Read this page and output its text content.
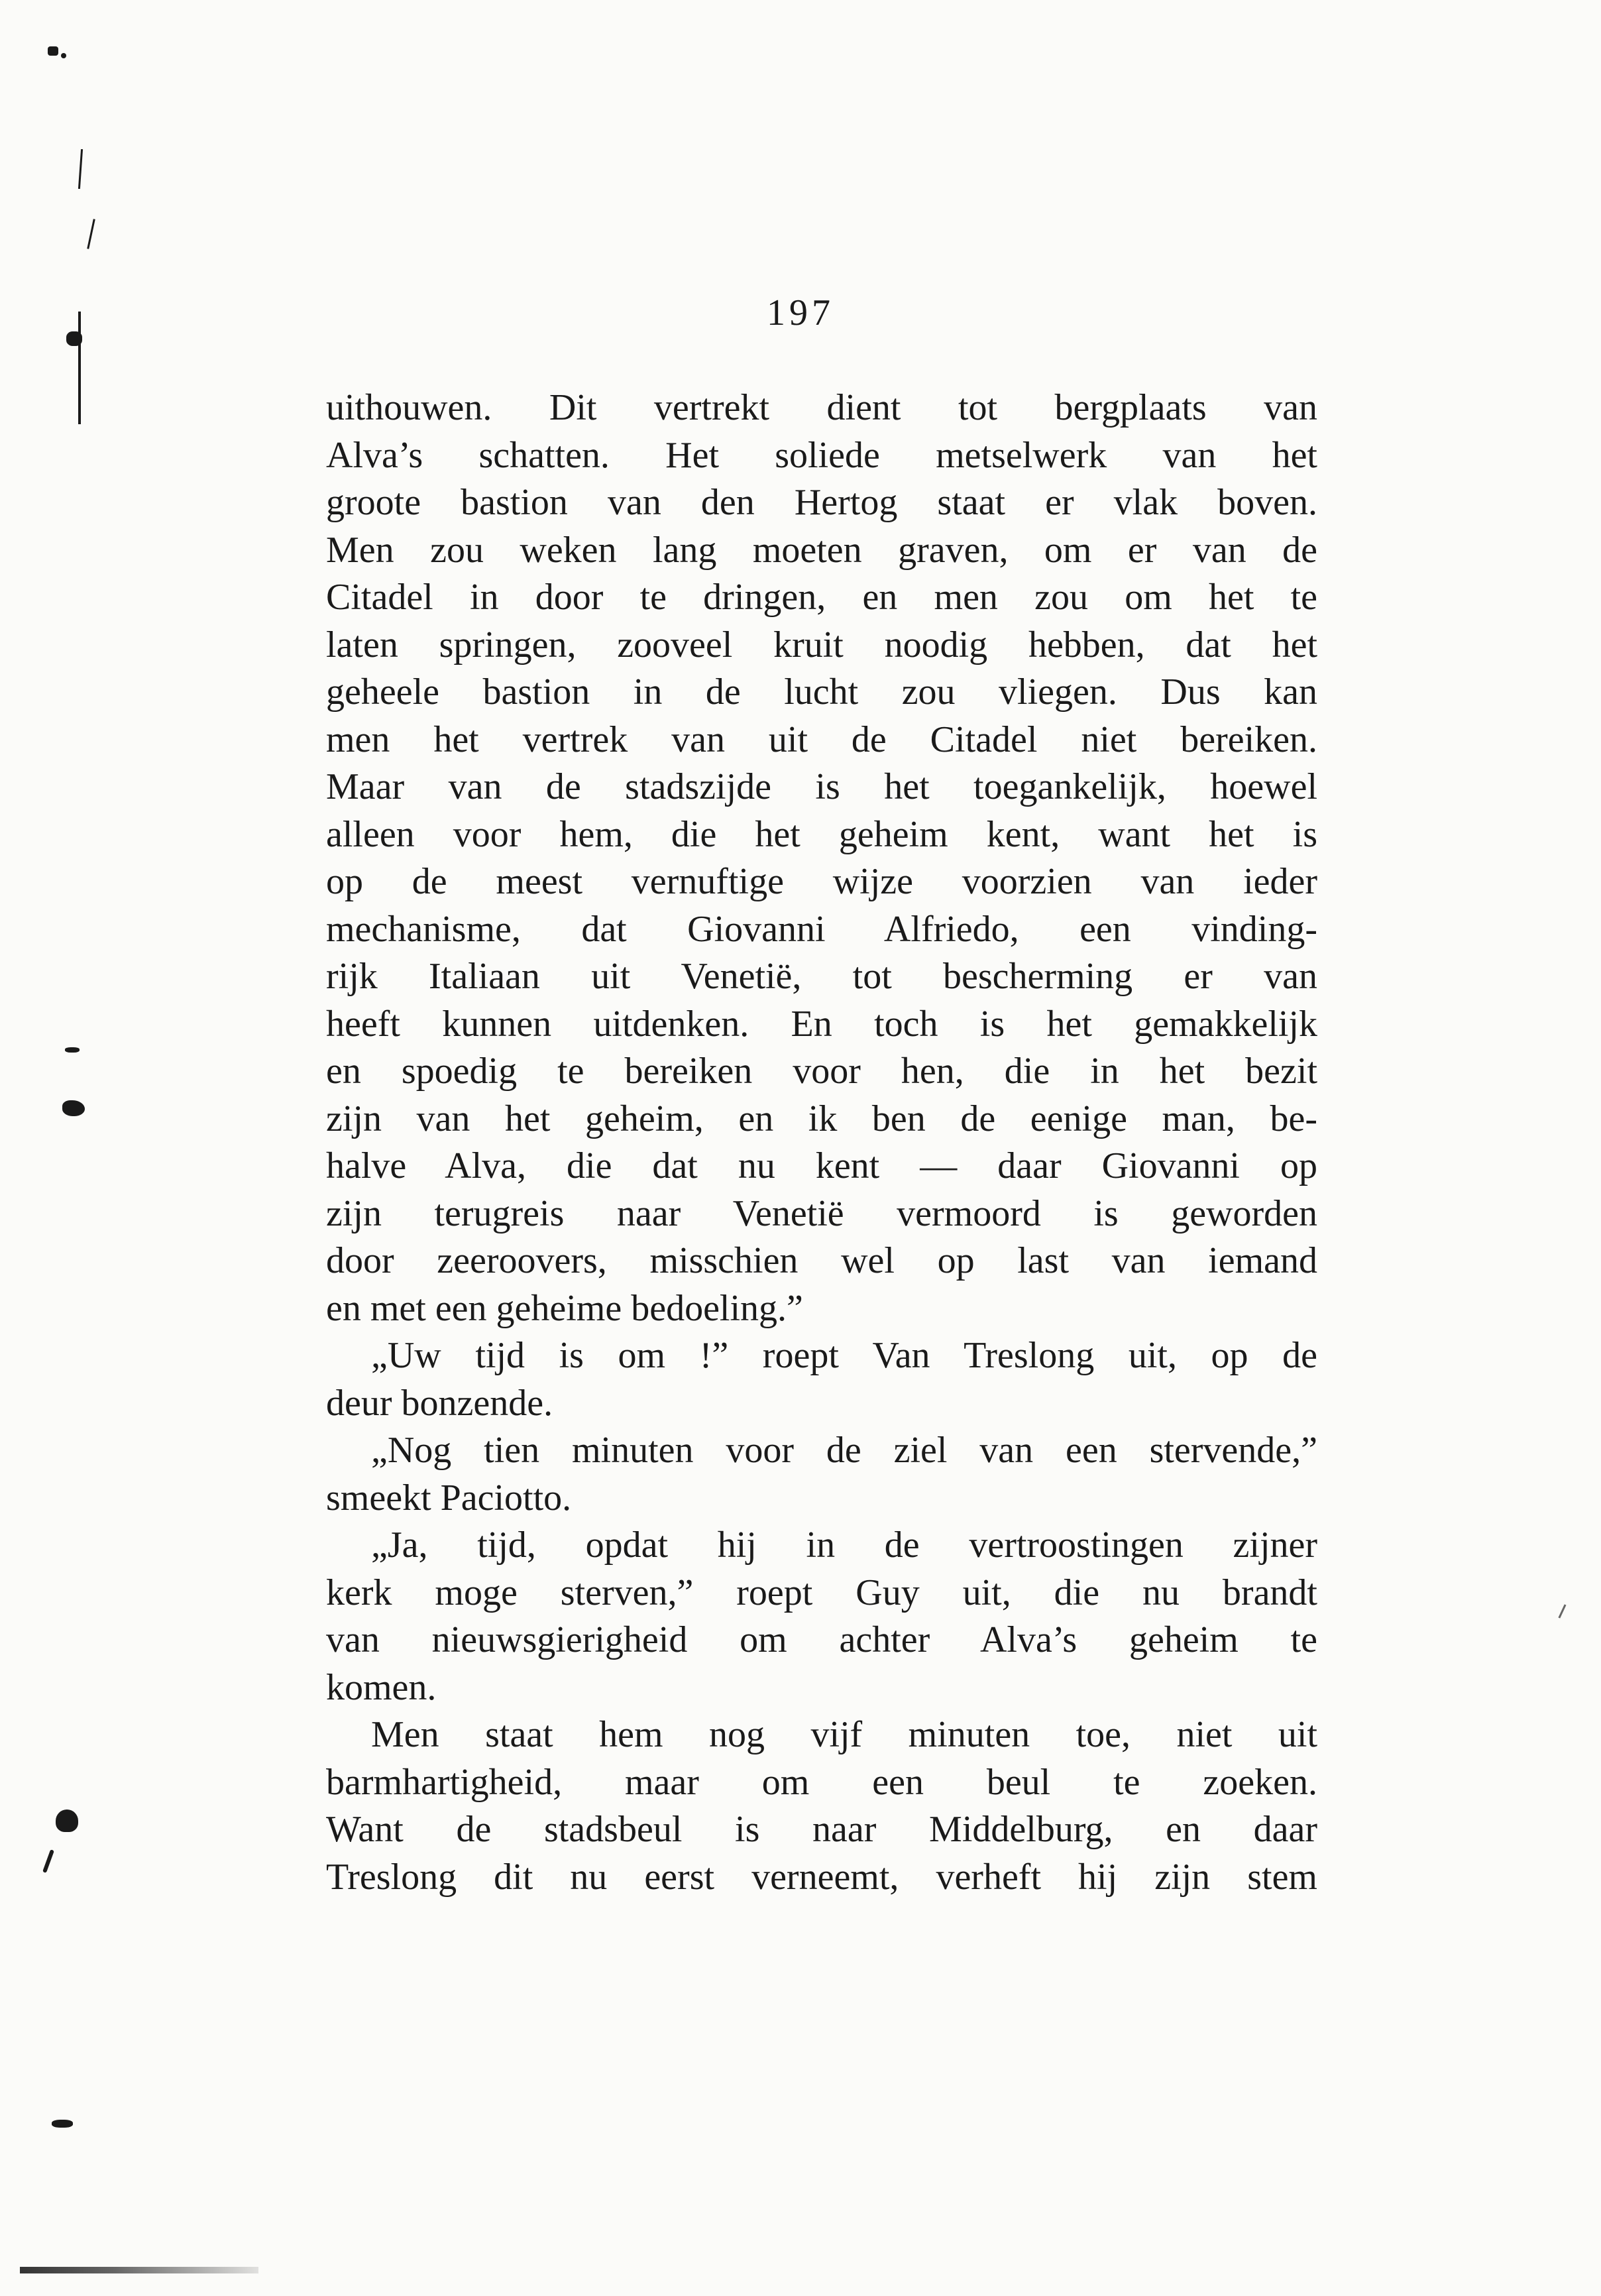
197
uithouwen. Dit vertrekt dient tot bergplaats van
Alva’s schatten. Het soliede metselwerk van het
groote bastion van den Hertog staat er vlak boven.
Men zou weken lang moeten graven, om er van de
Citadel in door te dringen, en men zou om het te
laten springen, zooveel kruit noodig hebben, dat het
geheele bastion in de lucht zou vliegen. Dus kan
men het vertrek van uit de Citadel niet bereiken.
Maar van de stadszijde is het toegankelijk, hoewel
alleen voor hem, die het geheim kent, want het is
op de meest vernuftige wijze voorzien van ieder
mechanisme, dat Giovanni Alfriedo, een vinding-
rijk Italiaan uit Venetië, tot bescherming er van
heeft kunnen uitdenken. En toch is het gemakkelijk
en spoedig te bereiken voor hen, die in het bezit
zijn van het geheim, en ik ben de eenige man, be-
halve Alva, die dat nu kent — daar Giovanni op
zijn terugreis naar Venetië vermoord is geworden
door zeeroovers, misschien wel op last van iemand
en met een geheime bedoeling.”
„Uw tijd is om !” roept Van Treslong uit, op de
deur bonzende.
„Nog tien minuten voor de ziel van een stervende,”
smeekt Paciotto.
„Ja, tijd, opdat hij in de vertroostingen zijner
kerk moge sterven,” roept Guy uit, die nu brandt
van nieuwsgierigheid om achter Alva’s geheim te
komen.
Men staat hem nog vijf minuten toe, niet uit
barmhartigheid, maar om een beul te zoeken.
Want de stadsbeul is naar Middelburg, en daar
Treslong dit nu eerst verneemt, verheft hij zijn stem
